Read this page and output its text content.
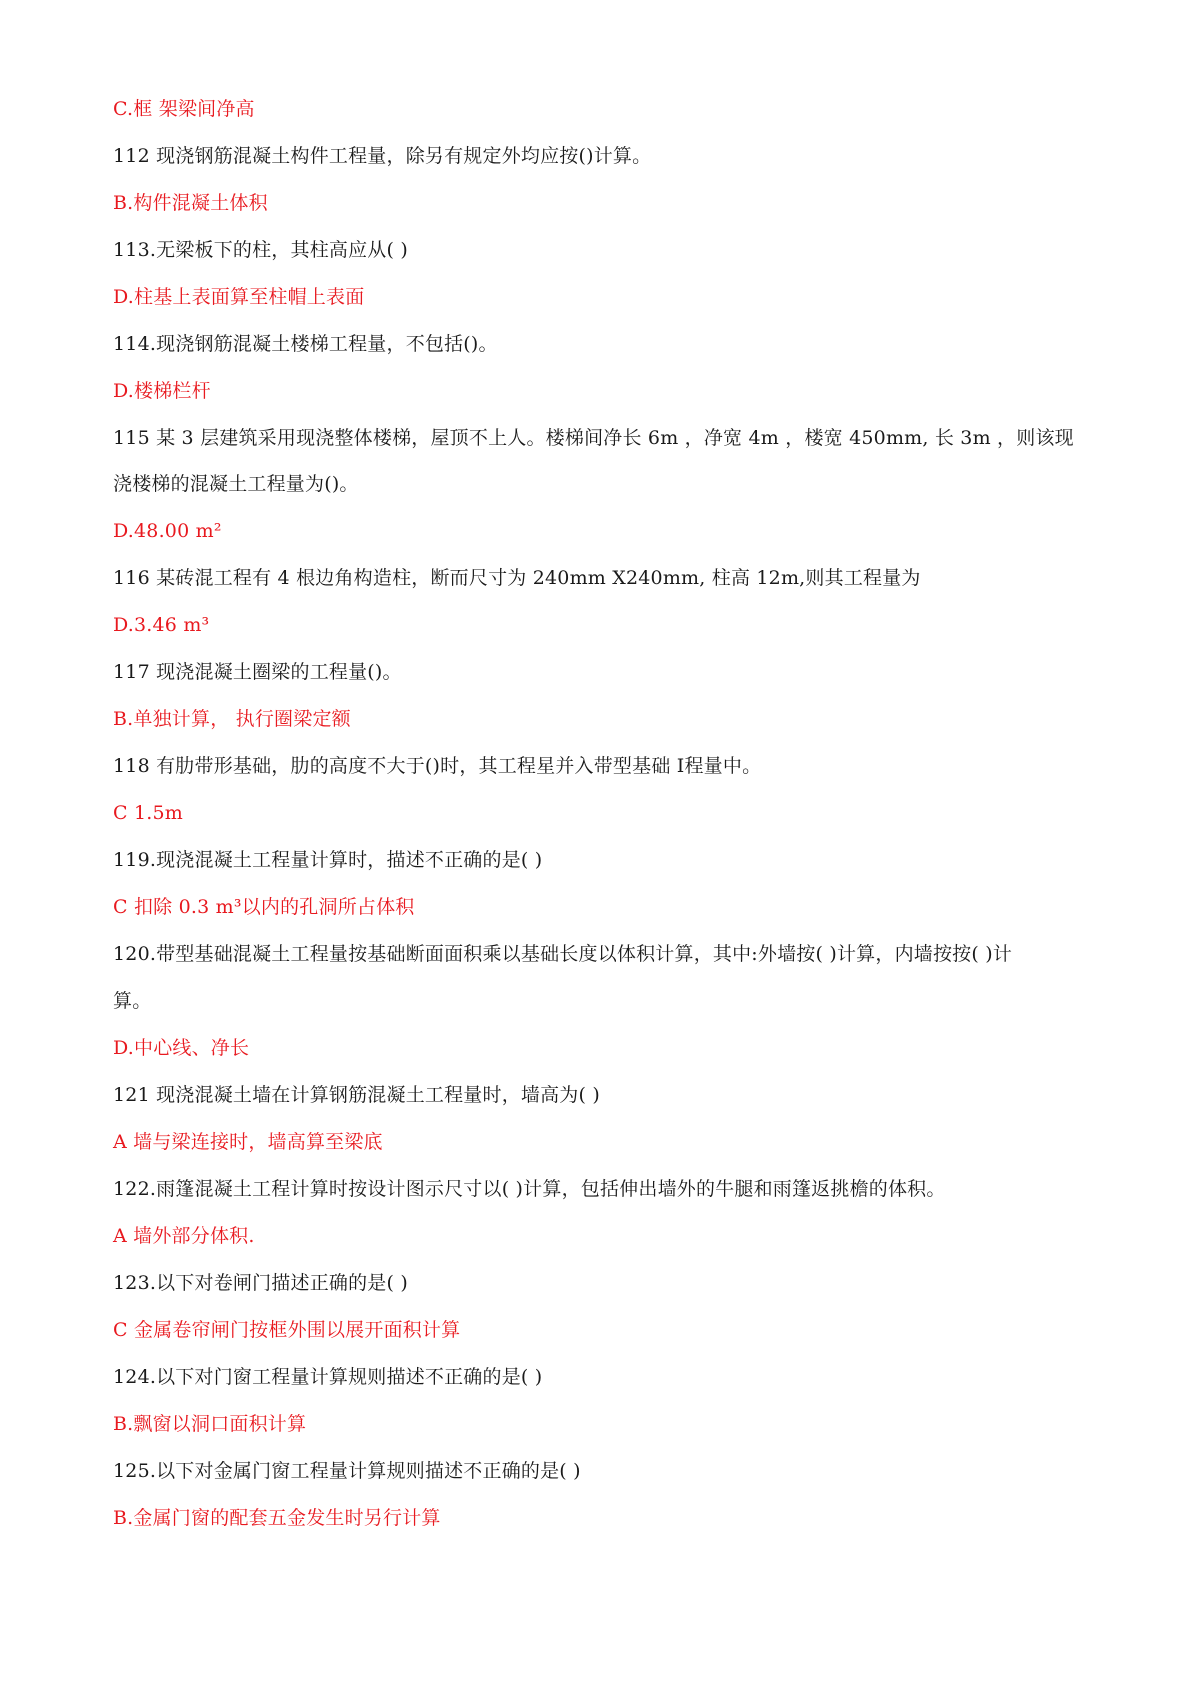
C.框 架梁间净高
112 现浇钢筋混凝土构件工程量，除另有规定外均应按()计算。
B.构件混凝土体积
113.无梁板下的柱，其柱高应从( )
D.柱基上表面算至柱帽上表面
114.现浇钢筋混凝土楼梯工程量，不包括()。
D.楼梯栏杆
115 某 3 层建筑采用现浇整体楼梯，屋顶不上人。楼梯间净长 6m ，净宽 4m ，楼宽 450mm, 长 3m ，则该现
浇楼梯的混凝土工程量为()。
D.48.00 m²
116 某砖混工程有 4 根边角构造柱，断而尺寸为 240mm X240mm, 柱高 12m,则其工程量为
D.3.46 m³
117 现浇混凝土圈梁的工程量()。
B.单独计算， 执行圈梁定额
118 有肋带形基础，肋的高度不大于()时，其工程星并入带型基础 I程量中。
C 1.5m
119.现浇混凝土工程量计算时，描述不正确的是( )
C 扣除 0.3 m³以内的孔洞所占体积
120.带型基础混凝土工程量按基础断面面积乘以基础长度以体积计算，其中:外墙按( )计算，内墙按按( )计
算。
D.中心线、净长
121 现浇混凝土墙在计算钢筋混凝土工程量时，墙高为( )
A 墙与梁连接时，墙高算至梁底
122.雨篷混凝土工程计算时按设计图示尺寸以( )计算，包括伸出墙外的牛腿和雨篷返挑檐的体积。
A 墙外部分体积.
123.以下对卷闸门描述正确的是( )
C 金属卷帘闸门按框外围以展开面积计算
124.以下对门窗工程量计算规则描述不正确的是( )
B.飘窗以洞口面积计算
125.以下对金属门窗工程量计算规则描述不正确的是( )
B.金属门窗的配套五金发生时另行计算
